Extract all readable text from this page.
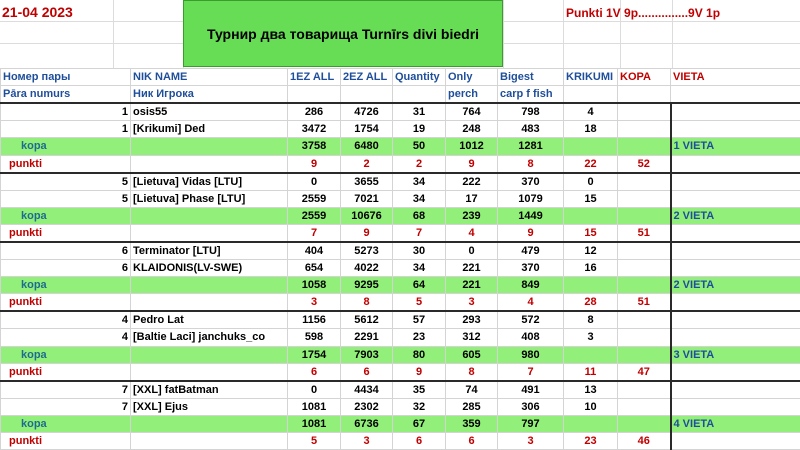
21-04 2023
Турнир два товарища Turnīrs divi biedri
Punkti 1V 9p...............9V 1p
Номер пары	NIK NAME	1EZ ALL	2EZ ALL	Quantity	Only	Bigest	KRIKUMI	KOPA	VIETA
Pāra numurs	Ник Игрока				perch	carp f fish			
1	osis55	286	4726	31	764	798	4		
1	[Krikumi] Ded	3472	1754	19	248	483	18		
kopa		3758	6480	50	1012	1281			1 VIETA
punkti		9	2	2	9	8	22	52	
5	[Lietuva] Vidas [LTU]	0	3655	34	222	370	0		
5	[Lietuva] Phase [LTU]	2559	7021	34	17	1079	15		
kopa		2559	10676	68	239	1449			2 VIETA
punkti		7	9	7	4	9	15	51	
6	Terminator [LTU]	404	5273	30	0	479	12		
6	KLAIDONIS(LV-SWE)	654	4022	34	221	370	16		
kopa		1058	9295	64	221	849			2 VIETA
punkti		3	8	5	3	4	28	51	
4	Pedro Lat	1156	5612	57	293	572	8		
4	[Baltie Laci] janchuks_co	598	2291	23	312	408	3		
kopa		1754	7903	80	605	980			3 VIETA
punkti		6	6	9	8	7	11	47	
7	[XXL] fatBatman	0	4434	35	74	491	13		
7	[XXL] Ejus	1081	2302	32	285	306	10		
kopa		1081	6736	67	359	797			4 VIETA
punkti		5	3	6	6	3	23	46	
